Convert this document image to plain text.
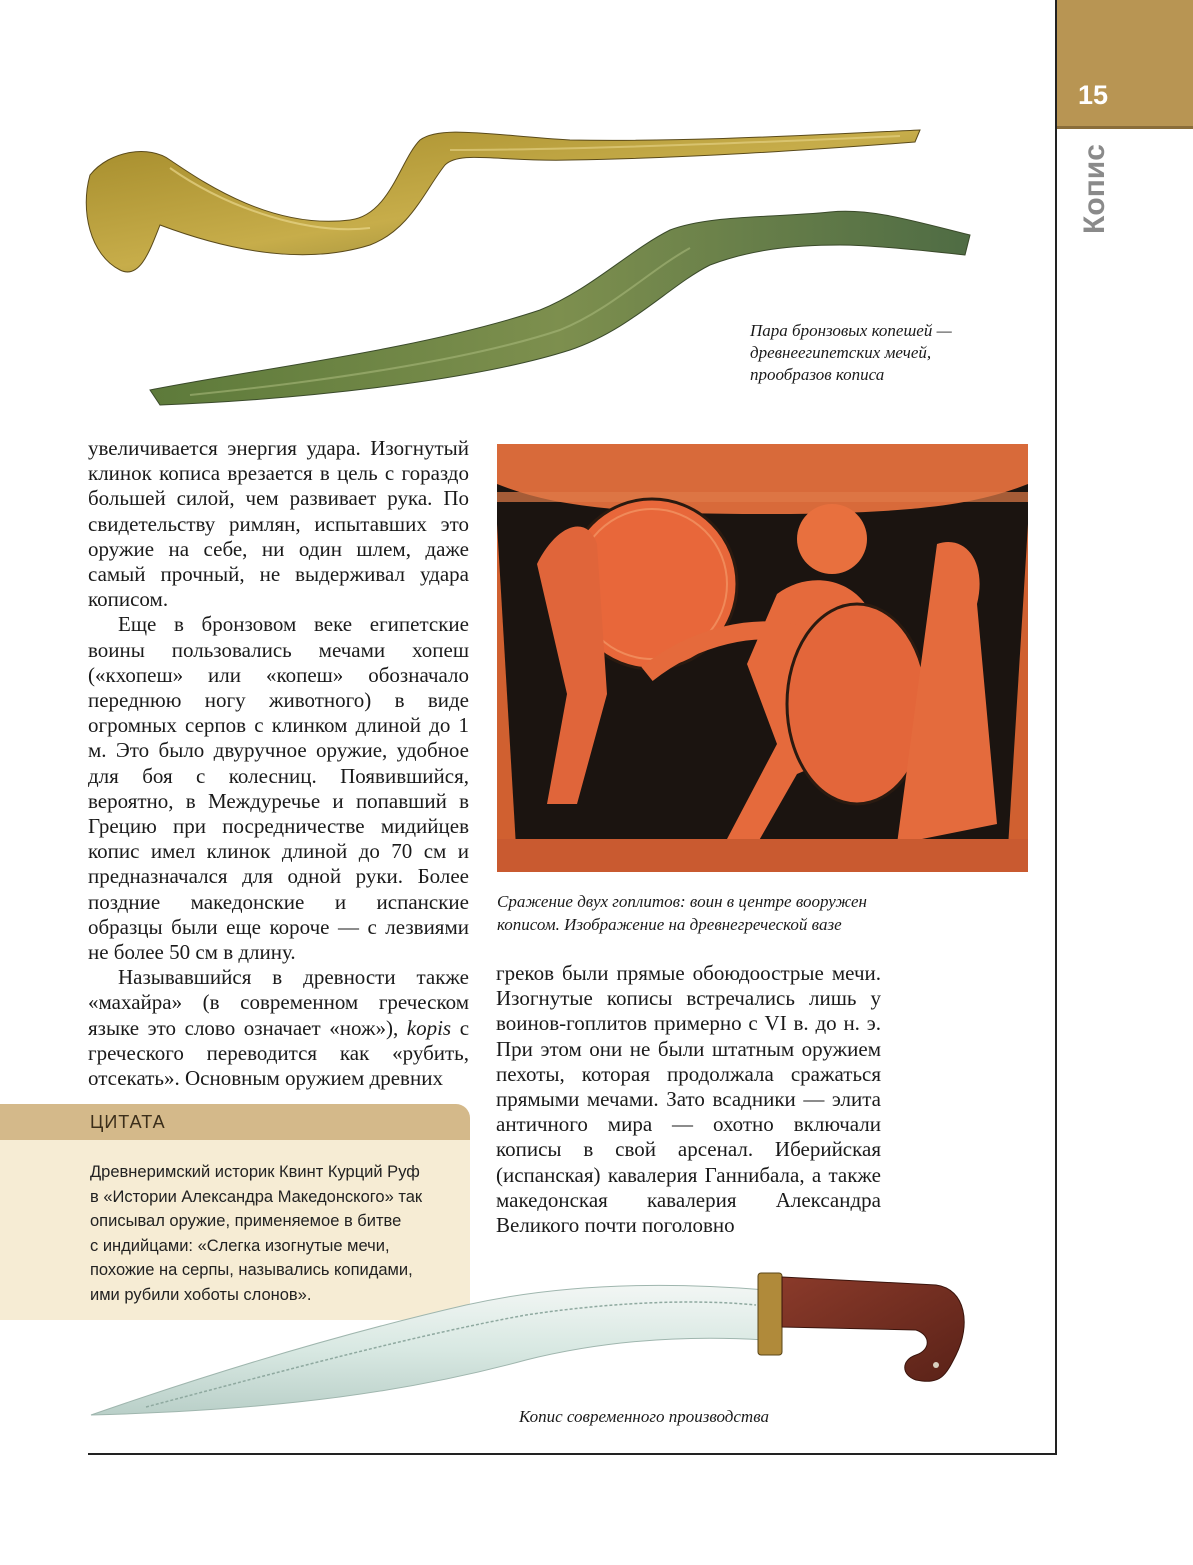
15
Копис
Пара бронзовых копешей —
древнеегипетских мечей,
прообразов кописа

увеличивается энергия удара. Изогнутый клинок кописа врезается в цель с гораздо большей силой, чем развивает рука. По свидетельству римлян, испытавших это оружие на себе, ни один шлем, даже самый прочный, не выдерживал удара кописом.

Еще в бронзовом веке египетские воины пользовались мечами хопеш («кхопеш» или «копеш» обозначало переднюю ногу животного) в виде огромных серпов с клинком длиной до 1 м. Это было двуручное оружие, удобное для боя с колесниц. Появившийся, вероятно, в Междуречье и попавший в Грецию при посредничестве мидийцев копис имел клинок длиной до 70 см и предназначался для одной руки. Более поздние македонские и испанские образцы были еще короче — с лезвиями не более 50 см в длину.

Называвшийся в древности также «махайра» (в современном греческом языке это слово означает «нож»), kopis с греческого переводится как «рубить, отсекать». Основным оружием древних

Сражение двух гоплитов: воин в центре вооружен
кописом. Изображение на древнегреческой вазе

греков были прямые обоюдоострые мечи. Изогнутые кописы встречались лишь у воинов-гоплитов примерно с VI в. до н. э. При этом они не были штатным оружием пехоты, которая продолжала сражаться прямыми мечами. Зато всадники — элита античного мира — охотно включали кописы в свой арсенал. Иберийская (испанская) кавалерия Ганнибала, а также македонская кавалерия Александра Великого почти поголовно

ЦИТАТА
Древнеримский историк Квинт Курций Руф
в «Истории Александра Македонского» так
описывал оружие, применяемое в битве
с индийцами: «Слегка изогнутые мечи,
похожие на серпы, назывались копидами,
ими рубили хоботы слонов».
Копис современного производства
